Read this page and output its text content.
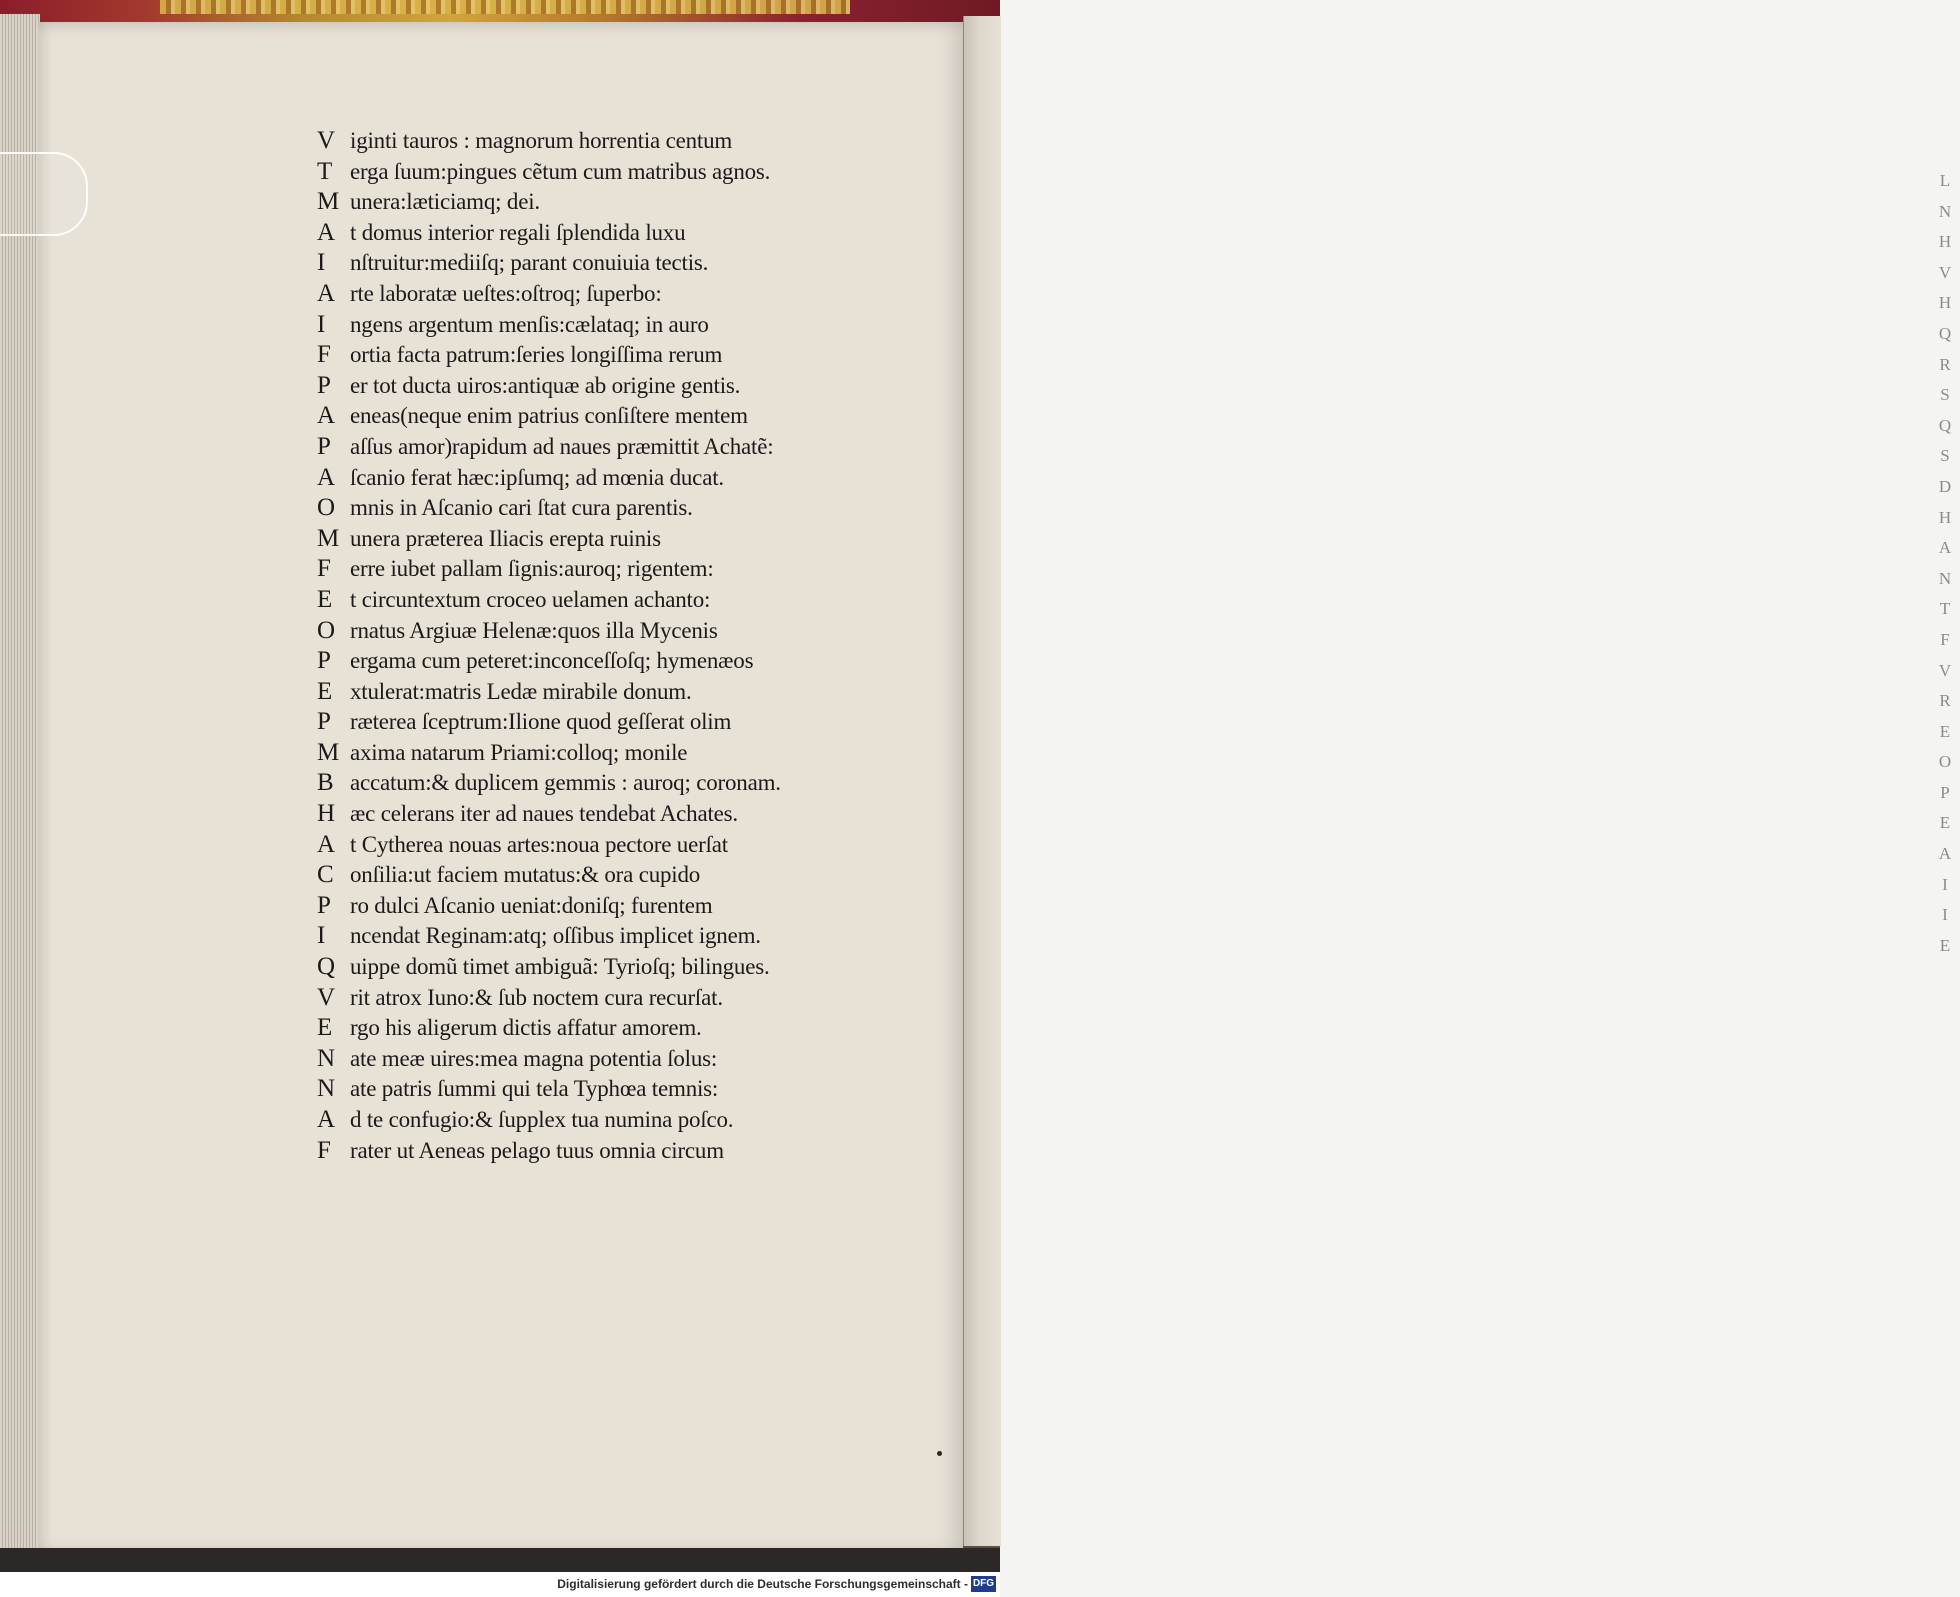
L
N
H
V
H
Q
R
S
Q
S
D
H
A
N
T
F
V
R
E
O
P
E
A
I
I
E
V iginti tauros : magnorum horrentia centum
T erga ſuum:pingues cẽtum cum matribus agnos.
M unera:læticiamq; dei.
A t domus interior regali ſplendida luxu
I	nſtruitur:mediiſq; parant conuiuia tectis.
A rte laboratæ ueſtes:oſtroq; ſuperbo:
I	ngens argentum menſis:cælataq; in auro
F ortia facta patrum:ſeries longiſſima rerum
P er tot ducta uiros:antiquæ ab origine gentis.
A eneas(neque enim patrius conſiſtere mentem
P aſſus amor)rapidum ad naues præmittit Achatẽ:
A ſcanio ferat hæc:ipſumq; ad mœnia ducat.
O mnis in Aſcanio cari ſtat cura parentis.
M unera præterea Iliacis erepta ruinis
F erre iubet pallam ſignis:auroq; rigentem:
E t circuntextum croceo uelamen achanto:
O rnatus Argiuæ Helenæ:quos illa Mycenis
P ergama cum peteret:inconceſſoſq; hymenæos
E xtulerat:matris Ledæ mirabile donum.
P ræterea ſceptrum:Ilione quod geſſerat olim
M axima natarum Priami:colloq; monile
B accatum:& duplicem gemmis : auroq; coronam.
H æc celerans iter ad naues tendebat Achates.
A t Cytherea nouas artes:noua pectore uerſat
C onſilia:ut faciem mutatus:& ora cupido
P ro dulci Aſcanio ueniat:doniſq; furentem
I	ncendat Reginam:atq; oſſibus implicet ignem.
Q uippe domũ timet ambiguã: Tyrioſq; bilingues.
V rit atrox Iuno:& ſub noctem cura recurſat.
E rgo his aligerum dictis affatur amorem.
N ate meæ uires:mea magna potentia ſolus:
N ate patris ſummi qui tela Typhœa temnis:
A d te confugio:& ſupplex tua numina poſco.
F rater ut Aeneas pelago tuus omnia circum
Digitalisierung gefördert durch die Deutsche Forschungsgemeinschaft - DFG
